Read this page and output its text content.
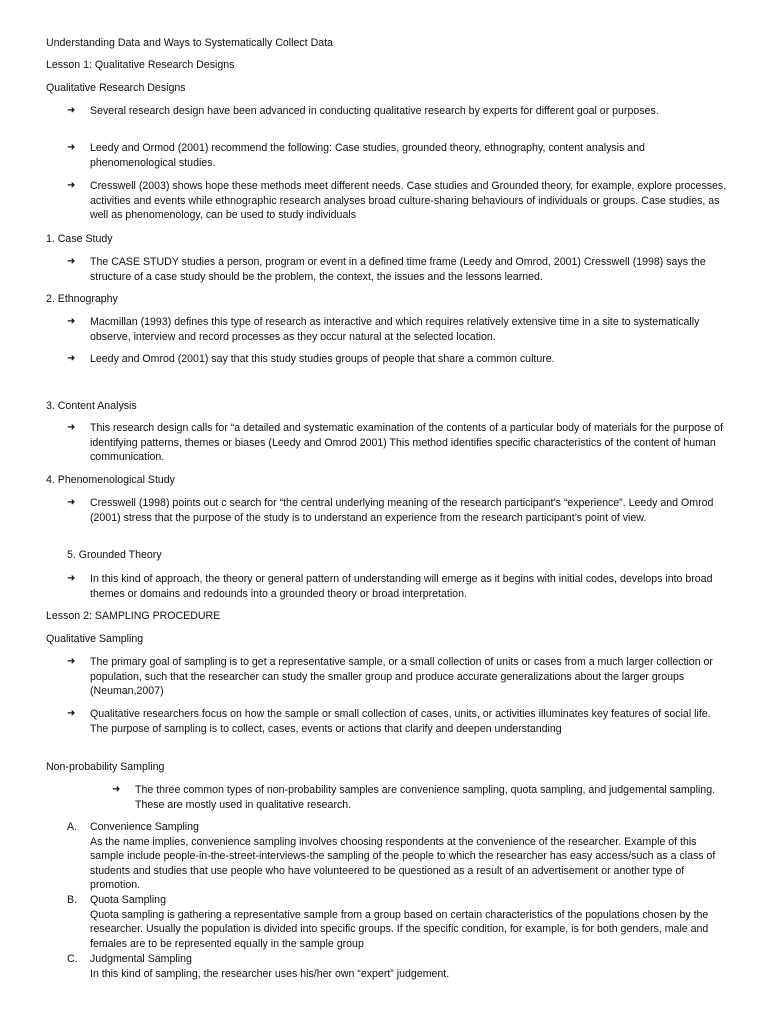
Understanding Data and Ways to Systematically Collect Data
Lesson 1: Qualitative Research Designs
Qualitative Research Designs
➜ Several research design have been advanced in conducting qualitative research by experts for different goal or purposes.
➜ Leedy and Ormod (2001) recommend the following: Case studies, grounded theory, ethnography, content analysis and phenomenological studies.
➜ Cresswell (2003) shows hope these methods meet different needs. Case studies and Grounded theory, for example, explore processes, activities and events while ethnographic research analyses broad culture-sharing behaviours of individuals or groups. Case studies, as well as phenomenology, can be used to study individuals
1. Case Study
➜ The CASE STUDY studies a person, program or event in a defined time frame (Leedy and Omrod, 2001) Cresswell (1998) says the structure of a case study should be the problem, the context, the issues and the lessons learned.
2. Ethnography
➜ Macmillan (1993) defines this type of research as interactive and which requires relatively extensive time in a site to systematically observe, interview and record processes as they occur natural at the selected location.
➜ Leedy and Omrod (2001) say that this study studies groups of people that share a common culture.
3. Content Analysis
➜ This research design calls for “a detailed and systematic examination of the contents of a particular body of materials for the purpose of identifying patterns, themes or biases (Leedy and Omrod 2001) This method identifies specific characteristics of the content of human communication.
4. Phenomenological Study
➜ Cresswell (1998) points out c search for “the central underlying meaning of the research participant’s “experience”. Leedy and Omrod (2001) stress that the purpose of the study is to understand an experience from the research participant’s point of view.
5. Grounded Theory
➜ In this kind of approach, the theory or general pattern of understanding will emerge as it begins with initial codes, develops into broad themes or domains and redounds into a grounded theory or broad interpretation.
Lesson 2: SAMPLING PROCEDURE
Qualitative Sampling
➜ The primary goal of sampling is to get a representative sample, or a small collection of units or cases from a much larger collection or population, such that the researcher can study the smaller group and produce accurate generalizations about the larger groups (Neuman,2007)
➜ Qualitative researchers focus on how the sample or small collection of cases, units, or activities illuminates key features of social life. The purpose of sampling is to collect, cases, events or actions that clarify and deepen understanding
Non-probability Sampling
➜ The three common types of non-probability samples are convenience sampling, quota sampling, and judgemental sampling. These are mostly used in qualitative research.
A. Convenience Sampling
As the name implies, convenience sampling involves choosing respondents at the convenience of the researcher. Example of this sample include people-in-the-street-interviews-the sampling of the people to which the researcher has easy access/such as a class of students and studies that use people who have volunteered to be questioned as a result of an advertisement or another type of promotion.
B. Quota Sampling
Quota sampling is gathering a representative sample from a group based on certain characteristics of the populations chosen by the researcher. Usually the population is divided into specific groups. If the specific condition, for example, is for both genders, male and females are to be represented equally in the sample group
C. Judgmental Sampling
In this kind of sampling, the researcher uses his/her own “expert” judgement.
